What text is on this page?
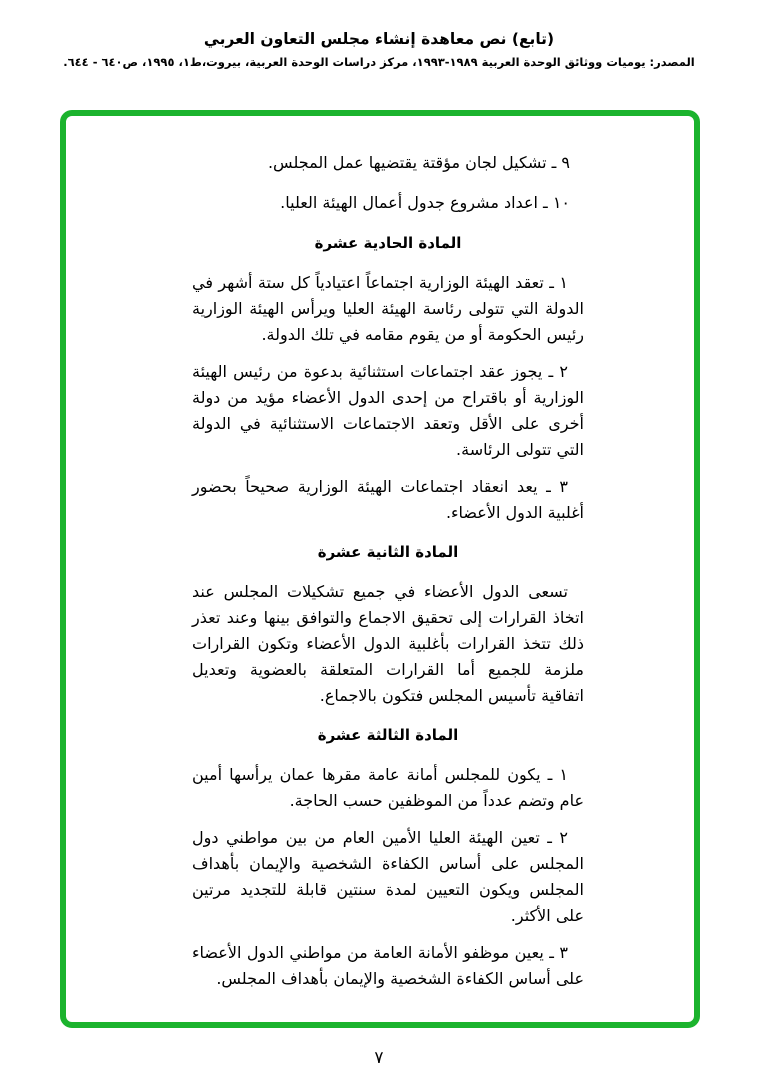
(تابع) نص معاهدة إنشاء مجلس التعاون العربي
المصدر: يوميات ووثائق الوحدة العربية ١٩٨٩-١٩٩٣، مركز دراسات الوحدة العربية، بيروت،ط١، ١٩٩٥، ص٦٤٠ - ٦٤٤.
٩ ـ تشكيل لجان مؤقتة يقتضيها عمل المجلس.
١٠ ـ اعداد مشروع جدول أعمال الهيئة العليا.
المادة الحادية عشرة
١ ـ تعقد الهيئة الوزارية اجتماعاً اعتيادياً كل ستة أشهر في الدولة التي تتولى رئاسة الهيئة العليا ويرأس الهيئة الوزارية رئيس الحكومة أو من يقوم مقامه في تلك الدولة.
٢ ـ يجوز عقد اجتماعات استثنائية بدعوة من رئيس الهيئة الوزارية أو باقتراح من إحدى الدول الأعضاء مؤيد من دولة أخرى على الأقل وتعقد الاجتماعات الاستثنائية في الدولة التي تتولى الرئاسة.
٣ ـ يعد انعقاد اجتماعات الهيئة الوزارية صحيحاً بحضور أغلبية الدول الأعضاء.
المادة الثانية عشرة
تسعى الدول الأعضاء في جميع تشكيلات المجلس عند اتخاذ القرارات إلى تحقيق الاجماع والتوافق بينها وعند تعذر ذلك تتخذ القرارات بأغلبية الدول الأعضاء وتكون القرارات ملزمة للجميع أما القرارات المتعلقة بالعضوية وتعديل اتفاقية تأسيس المجلس فتكون بالاجماع.
المادة الثالثة عشرة
١ ـ يكون للمجلس أمانة عامة مقرها عمان يرأسها أمين عام وتضم عدداً من الموظفين حسب الحاجة.
٢ ـ تعين الهيئة العليا الأمين العام من بين مواطني دول المجلس على أساس الكفاءة الشخصية والإيمان بأهداف المجلس ويكون التعيين لمدة سنتين قابلة للتجديد مرتين على الأكثر.
٣ ـ يعين موظفو الأمانة العامة من مواطني الدول الأعضاء على أساس الكفاءة الشخصية والإيمان بأهداف المجلس.
٧
